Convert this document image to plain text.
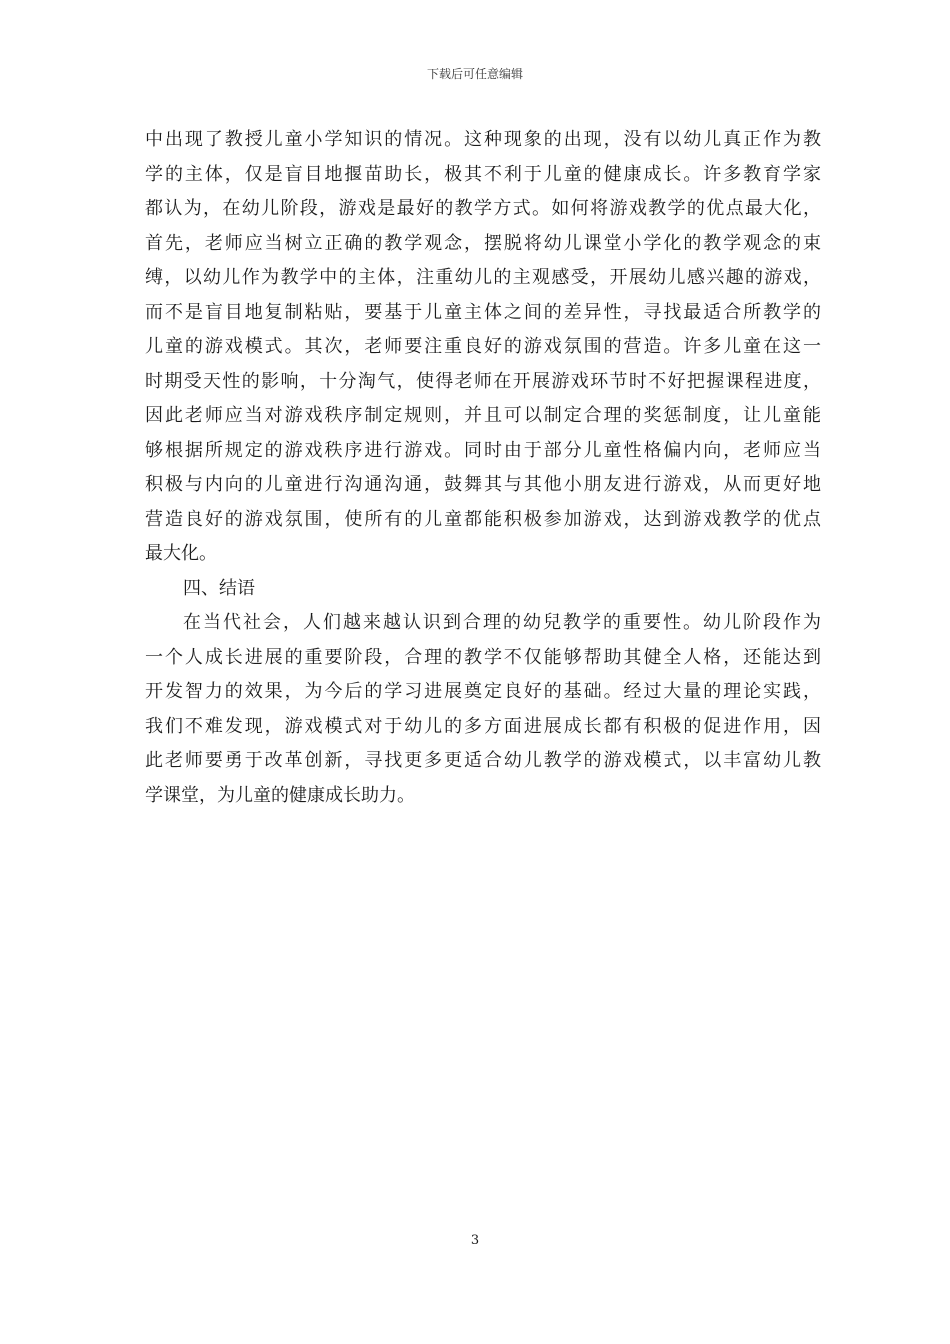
下载后可任意编辑
中出现了教授儿童小学知识的情况。这种现象的出现，没有以幼儿真正作为教
学的主体，仅是盲目地揠苗助长，极其不利于儿童的健康成长。许多教育学家
都认为，在幼儿阶段，游戏是最好的教学方式。如何将游戏教学的优点最大化，
首先，老师应当树立正确的教学观念，摆脱将幼儿课堂小学化的教学观念的束
缚，以幼儿作为教学中的主体，注重幼儿的主观感受，开展幼儿感兴趣的游戏，
而不是盲目地复制粘贴，要基于儿童主体之间的差异性，寻找最适合所教学的
儿童的游戏模式。其次，老师要注重良好的游戏氛围的营造。许多儿童在这一
时期受天性的影响，十分淘气，使得老师在开展游戏环节时不好把握课程进度，
因此老师应当对游戏秩序制定规则，并且可以制定合理的奖惩制度，让儿童能
够根据所规定的游戏秩序进行游戏。同时由于部分儿童性格偏内向，老师应当
积极与内向的儿童进行沟通沟通，鼓舞其与其他小朋友进行游戏，从而更好地
营造良好的游戏氛围，使所有的儿童都能积极参加游戏，达到游戏教学的优点
最大化。
四、结语
在当代社会，人们越来越认识到合理的幼兒教学的重要性。幼儿阶段作为
一个人成长进展的重要阶段，合理的教学不仅能够帮助其健全人格，还能达到
开发智力的效果，为今后的学习进展奠定良好的基础。经过大量的理论实践，
我们不难发现，游戏模式对于幼儿的多方面进展成长都有积极的促进作用，因
此老师要勇于改革创新，寻找更多更适合幼儿教学的游戏模式，以丰富幼儿教
学课堂，为儿童的健康成长助力。
3
